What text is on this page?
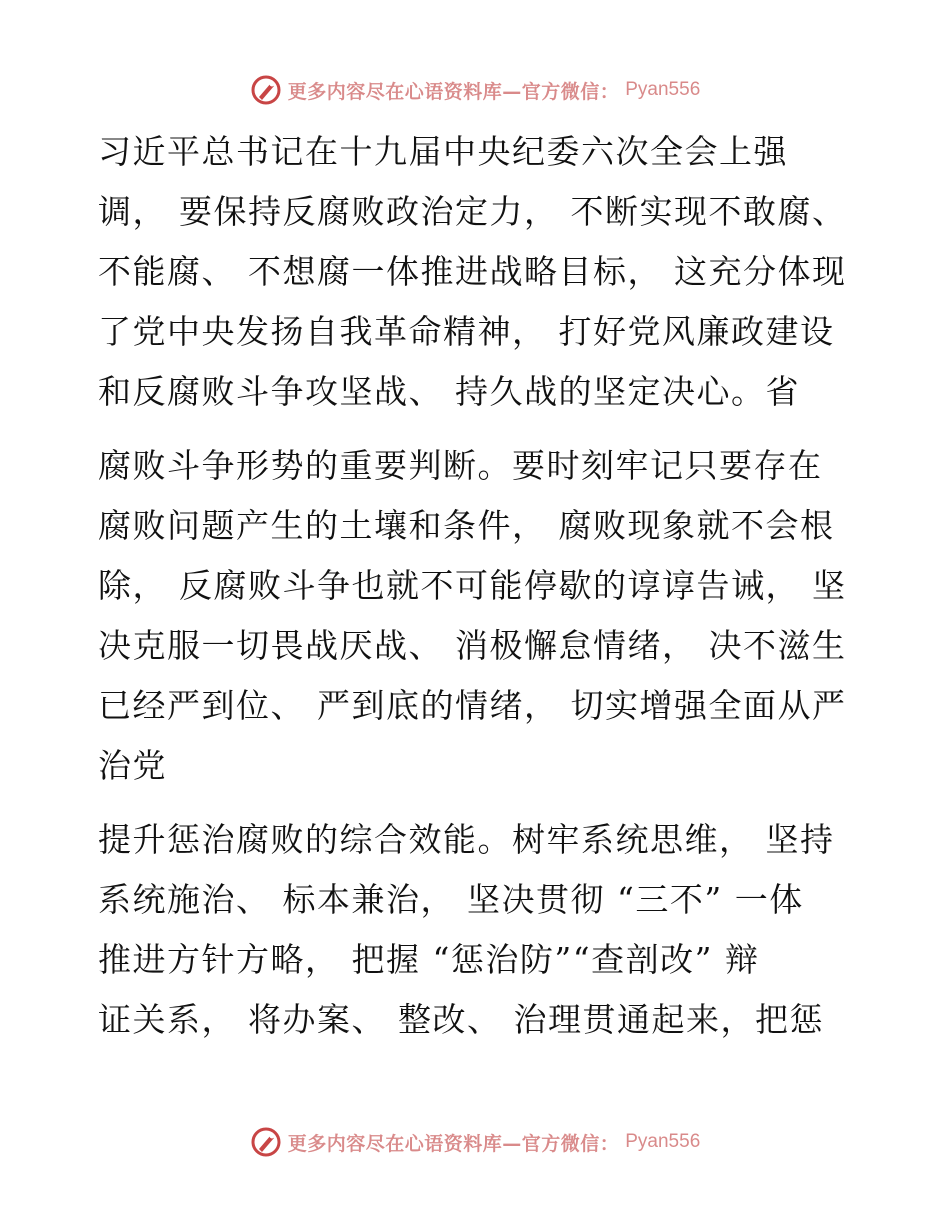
更多内容尽在心语资料库—官方微信： Pyan556
习近平总书记在十九届中央纪委六次全会上强
调， 要保持反腐败政治定力， 不断实现不敢腐、
不能腐、 不想腐一体推进战略目标， 这充分体现
了党中央发扬自我革命精神， 打好党风廉政建设
和反腐败斗争攻坚战、 持久战的坚定决心。省
腐败斗争形势的重要判断。要时刻牢记只要存在
腐败问题产生的土壤和条件， 腐败现象就不会根
除， 反腐败斗争也就不可能停歇的谆谆告诫， 坚
决克服一切畏战厌战、 消极懈怠情绪， 决不滋生
已经严到位、 严到底的情绪， 切实增强全面从严
治党
提升惩治腐败的综合效能。树牢系统思维， 坚持
系统施治、 标本兼治， 坚决贯彻 “三不” 一体
推进方针方略， 把握 “惩治防”“查剖改” 辩
证关系， 将办案、 整改、 治理贯通起来，把惩
更多内容尽在心语资料库—官方微信： Pyan556
